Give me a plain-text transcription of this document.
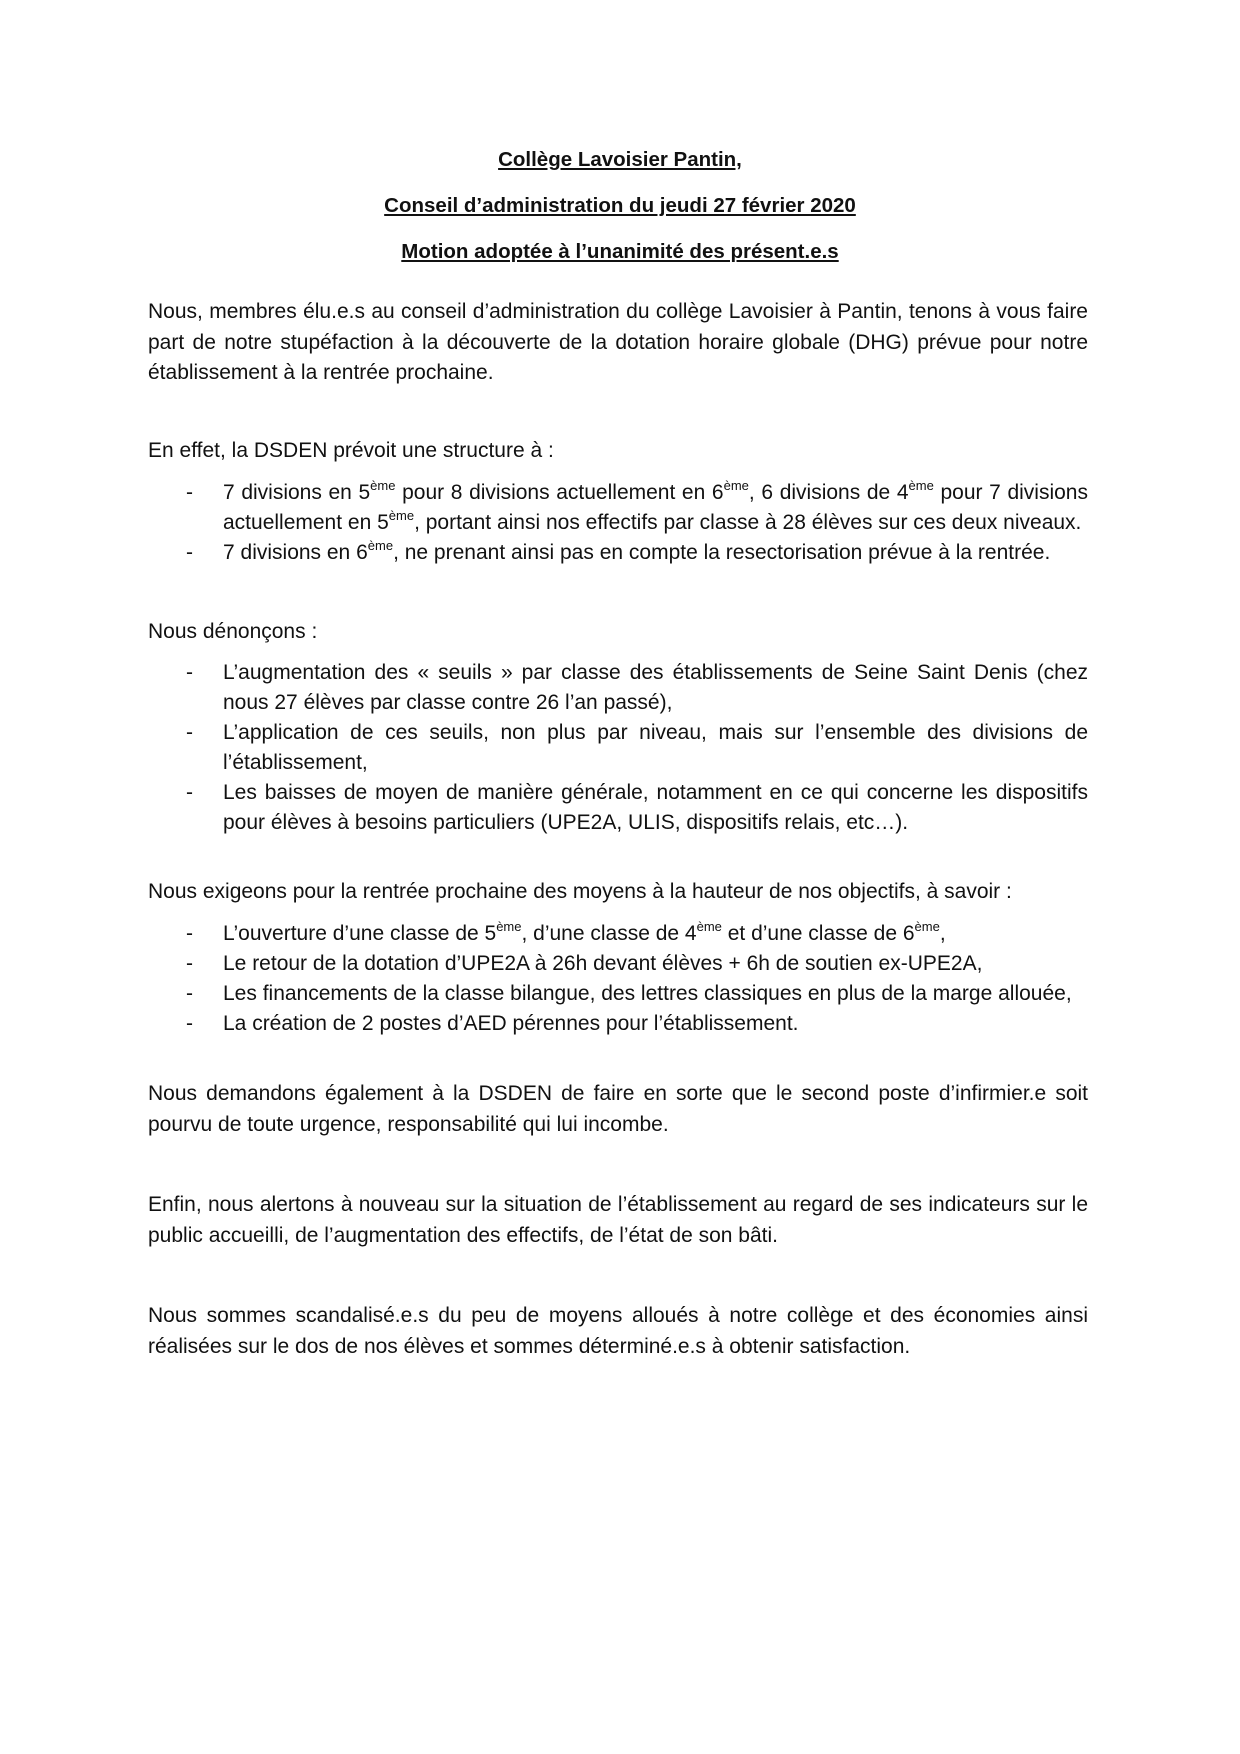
Collège Lavoisier Pantin,
Conseil d’administration du jeudi 27 février 2020
Motion adoptée à l’unanimité des présent.e.s

Nous, membres élu.e.s au conseil d’administration du collège Lavoisier à Pantin, tenons à vous faire part de notre stupéfaction à la découverte de la dotation horaire globale (DHG) prévue pour notre établissement à la rentrée prochaine.

En effet, la DSDEN prévoit une structure à :

- 7 divisions en 5ème pour 8 divisions actuellement en 6ème, 6 divisions de 4ème pour 7 divisions actuellement en 5ème, portant ainsi nos effectifs par classe à 28 élèves sur ces deux niveaux.
- 7 divisions en 6ème, ne prenant ainsi pas en compte la resectorisation prévue à la rentrée.

Nous dénonçons :

- L’augmentation des « seuils » par classe des établissements de Seine Saint Denis (chez nous 27 élèves par classe contre 26 l’an passé),
- L’application de ces seuils, non plus par niveau, mais sur l’ensemble des divisions de l’établissement,
- Les baisses de moyen de manière générale, notamment en ce qui concerne les dispositifs pour élèves à besoins particuliers (UPE2A, ULIS, dispositifs relais, etc…).

Nous exigeons pour la rentrée prochaine des moyens à la hauteur de nos objectifs, à savoir :

- L’ouverture d’une classe de 5ème, d’une classe de 4ème et d’une classe de 6ème,
- Le retour de la dotation d’UPE2A à 26h devant élèves + 6h de soutien ex-UPE2A,
- Les financements de la classe bilangue, des lettres classiques en plus de la marge allouée,
- La création de 2 postes d’AED pérennes pour l’établissement.

Nous demandons également à la DSDEN de faire en sorte que le second poste d’infirmier.e soit pourvu de toute urgence, responsabilité qui lui incombe.

Enfin, nous alertons à nouveau sur la situation de l’établissement au regard de ses indicateurs sur le public accueilli, de l’augmentation des effectifs, de l’état de son bâti.

Nous sommes scandalisé.e.s du peu de moyens alloués à notre collège et des économies ainsi réalisées sur le dos de nos élèves et sommes déterminé.e.s à obtenir satisfaction.
